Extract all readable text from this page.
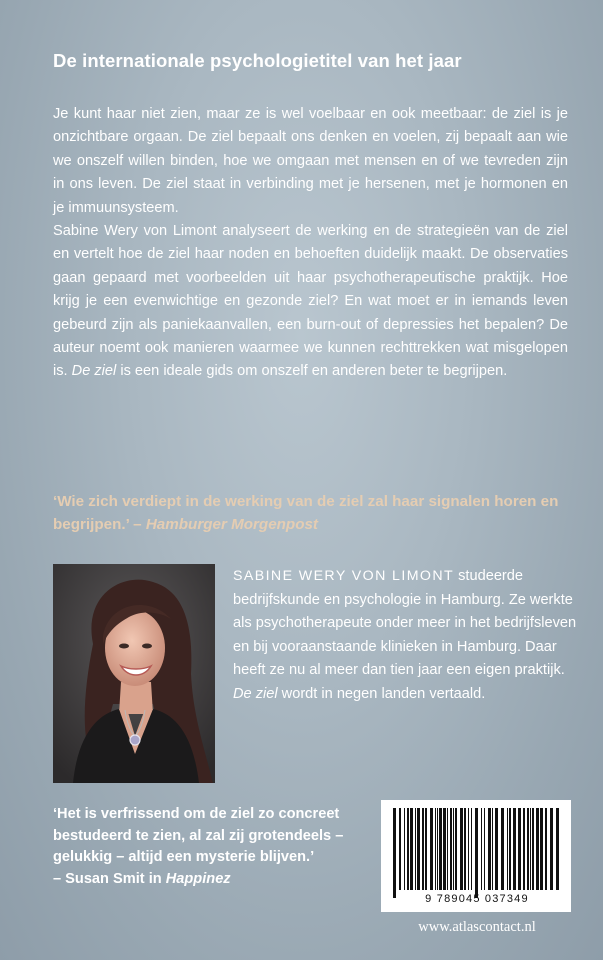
De internationale psychologietitel van het jaar

Je kunt haar niet zien, maar ze is wel voelbaar en ook meetbaar: de ziel is je onzichtbare orgaan. De ziel bepaalt ons denken en voelen, zij bepaalt aan wie we onszelf willen binden, hoe we omgaan met mensen en of we tevreden zijn in ons leven. De ziel staat in verbinding met je hersenen, met je hormonen en je immuunsysteem.

Sabine Wery von Limont analyseert de werking en de strategieën van de ziel en vertelt hoe de ziel haar noden en behoeften duidelijk maakt. De observaties gaan gepaard met voorbeelden uit haar psychotherapeutische praktijk. Hoe krijg je een evenwichtige en gezonde ziel? En wat moet er in iemands leven gebeurd zijn als paniekaanvallen, een burn-out of depressies het bepalen? De auteur noemt ook manieren waarmee we kunnen rechttrekken wat misgelopen is. De ziel is een ideale gids om onszelf en anderen beter te begrijpen.

‘Wie zich verdiept in de werking van de ziel zal haar signalen horen en begrijpen.’ – Hamburger Morgenpost
SABINE WERY VON LIMONT studeerde bedrijfskunde en psychologie in Hamburg. Ze werkte als psychotherapeute onder meer in het bedrijfsleven en bij vooraanstaande klinieken in Hamburg. Daar heeft ze nu al meer dan tien jaar een eigen praktijk. De ziel wordt in negen landen vertaald.
‘Het is verfrissend om de ziel zo concreet bestudeerd te zien, al zal zij grotendeels – gelukkig – altijd een mysterie blijven.’
– Susan Smit in Happinez
9 789045 037349
www.atlascontact.nl
